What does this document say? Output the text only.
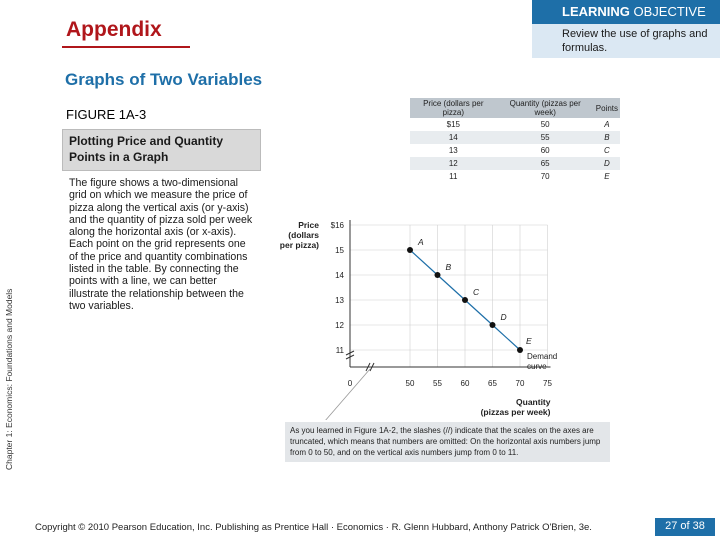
Appendix
LEARNING OBJECTIVE
Review the use of graphs and formulas.
Graphs of Two Variables
FIGURE 1A-3
Plotting Price and Quantity Points in a Graph
The figure shows a two-dimensional grid on which we measure the price of pizza along the vertical axis (or y-axis) and the quantity of pizza sold per week along the horizontal axis (or x-axis). Each point on the grid represents one of the price and quantity combinations listed in the table. By connecting the points with a line, we can better illustrate the relationship between the two variables.
Chapter 1: Economics: Foundations and Models
Price (dollars per pizza)	Quantity (pizzas per week)	Points
$15	50	A
14	55	B
13	60	C
12	65	D
11	70	E
0	50 55 60 65 70 75
$16
15
14
13
12
11
Price
(dollars
per pizza)
Quantity
(pizzas per week)
A
B
C
D
E
Demand
curve
As you learned in Figure 1A-2, the slashes (//) indicate that the scales on the axes are truncated, which means that numbers are omitted: On the horizontal axis numbers jump from 0 to 50, and on the vertical axis numbers jump from 0 to 11.
Copyright © 2010 Pearson Education, Inc. Publishing as Prentice Hall · Economics · R. Glenn Hubbard, Anthony Patrick O'Brien, 3e.	27 of 38
